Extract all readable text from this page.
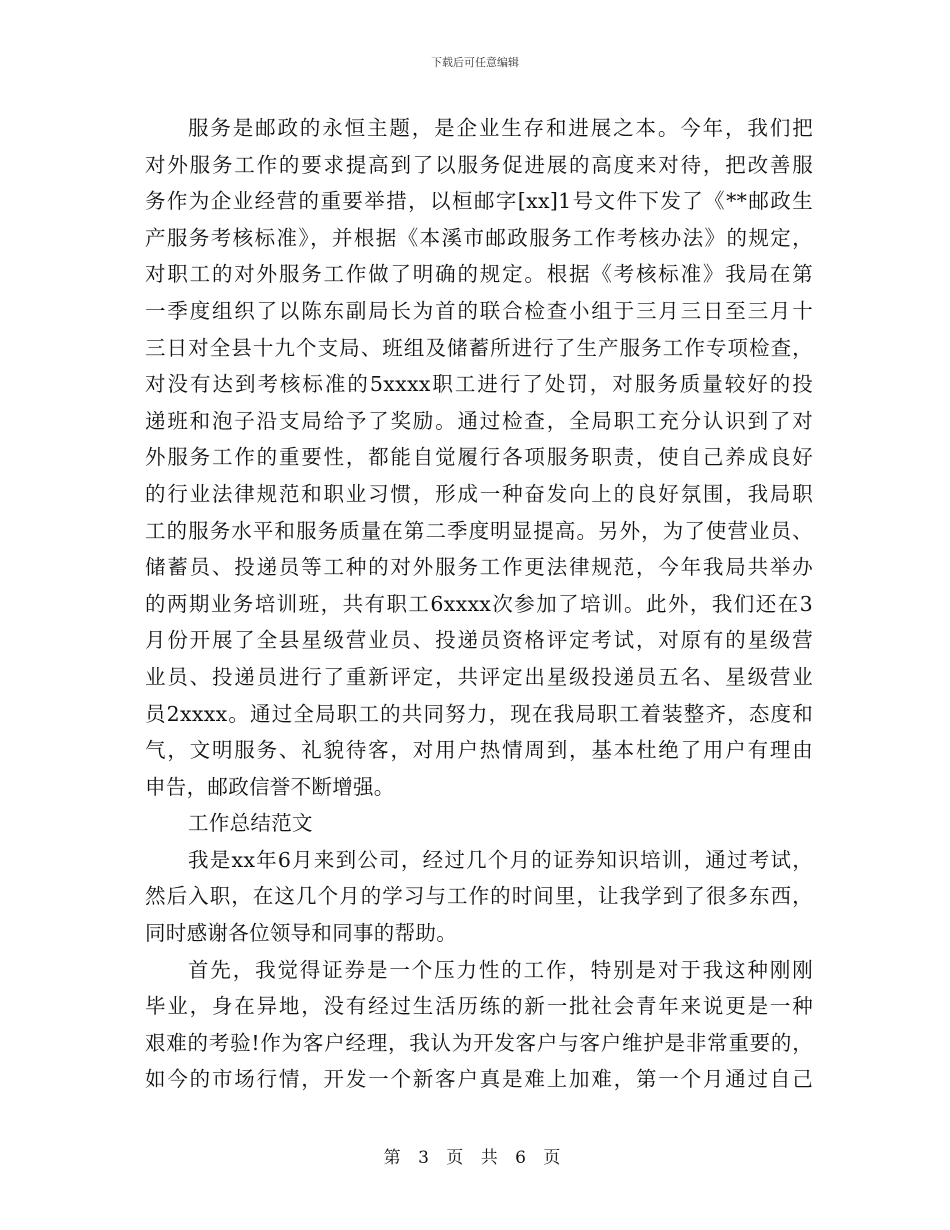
下载后可任意编辑
服务是邮政的永恒主题，是企业生存和进展之本。今年，我们把
对外服务工作的要求提高到了以服务促进展的高度来对待，把改善服
务作为企业经营的重要举措，以桓邮字[xx]1号文件下发了《**邮政生
产服务考核标准》，并根据《本溪市邮政服务工作考核办法》的规定，
对职工的对外服务工作做了明确的规定。根据《考核标准》我局在第
一季度组织了以陈东副局长为首的联合检查小组于三月三日至三月十
三日对全县十九个支局、班组及储蓄所进行了生产服务工作专项检查，
对没有达到考核标准的5xxxx职工进行了处罚，对服务质量较好的投
递班和泡子沿支局给予了奖励。通过检查，全局职工充分认识到了对
外服务工作的重要性，都能自觉履行各项服务职责，使自己养成良好
的行业法律规范和职业习惯，形成一种奋发向上的良好氛围，我局职
工的服务水平和服务质量在第二季度明显提高。另外，为了使营业员、
储蓄员、投递员等工种的对外服务工作更法律规范，今年我局共举办
的两期业务培训班，共有职工6xxxx次参加了培训。此外，我们还在3
月份开展了全县星级营业员、投递员资格评定考试，对原有的星级营
业员、投递员进行了重新评定，共评定出星级投递员五名、星级营业
员2xxxx。通过全局职工的共同努力，现在我局职工着装整齐，态度和
气，文明服务、礼貌待客，对用户热情周到，基本杜绝了用户有理由
申告，邮政信誉不断增强。
工作总结范文
我是xx年6月来到公司，经过几个月的证券知识培训，通过考试，
然后入职，在这几个月的学习与工作的时间里，让我学到了很多东西，
同时感谢各位领导和同事的帮助。
首先，我觉得证券是一个压力性的工作，特别是对于我这种刚刚
毕业，身在异地，没有经过生活历练的新一批社会青年来说更是一种
艰难的考验!作为客户经理，我认为开发客户与客户维护是非常重要的，
如今的市场行情，开发一个新客户真是难上加难，第一个月通过自己
第 3 页 共 6 页
